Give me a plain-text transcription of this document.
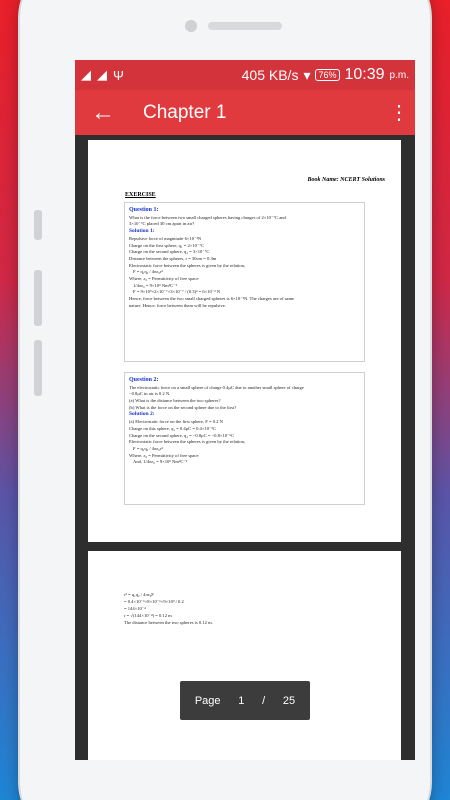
◢ ◢ Ψ	405 KB/s ▾ 76% 10:39 p.m.
←	Chapter 1	⋮
Book Name: NCERT Solutions
EXERCISE
Question 1:
What is the force between two small charged spheres having charges of 2×10⁻⁷C and
3×10⁻⁷C placed 30 cm apart in air?
Solution 1:
Repulsive force of magnitude 6×10⁻³N
Charge on the first sphere, q₁ = 2×10⁻⁷C
Charge on the second sphere, q₂ = 3×10⁻⁷C
Distance between the spheres, r = 30cm = 0.3m
Electrostatic force between the spheres is given by the relation,
F = q₁q₂ / 4πε₀r²
Where, ε₀ = Permittivity of free space
1/4πε₀ = 9×10⁹ Nm²C⁻²
F = 9×10⁹×2×10⁻⁷×3×10⁻⁷ / (0.3)² = 6×10⁻³ N
Hence, force between the two small charged spheres is 6×10⁻³N. The charges are of same
nature. Hence, force between them will be repulsive.
Question 2:
The electrostatic force on a small sphere of charge 0.4μC due to another small sphere of charge
−0.8μC in air is 0.2 N.
(a) What is the distance between the two spheres?
(b) What is the force on the second sphere due to the first?
Solution 2:
(a) Electrostatic force on the first sphere, F = 0.2 N
Charge on this sphere, q₁ = 0.4μC = 0.4×10⁻⁶C
Charge on the second sphere, q₂ = −0.8μC = −0.8×10⁻⁶C
Electrostatic force between the spheres is given by the relation,
F = q₁q₂ / 4πε₀r²
Where, ε₀ = Permittivity of free space
And, 1/4πε₀ = 9×10⁹ Nm²C⁻²
r² = q₁q₂ / 4πε₀F
= 0.4×10⁻⁶×8×10⁻⁶×9×10⁹ / 0.2
= 144×10⁻⁴
r = √(144×10⁻⁴) = 0.12 m
The distance between the two spheres is 0.12 m.
Page 1 / 25
